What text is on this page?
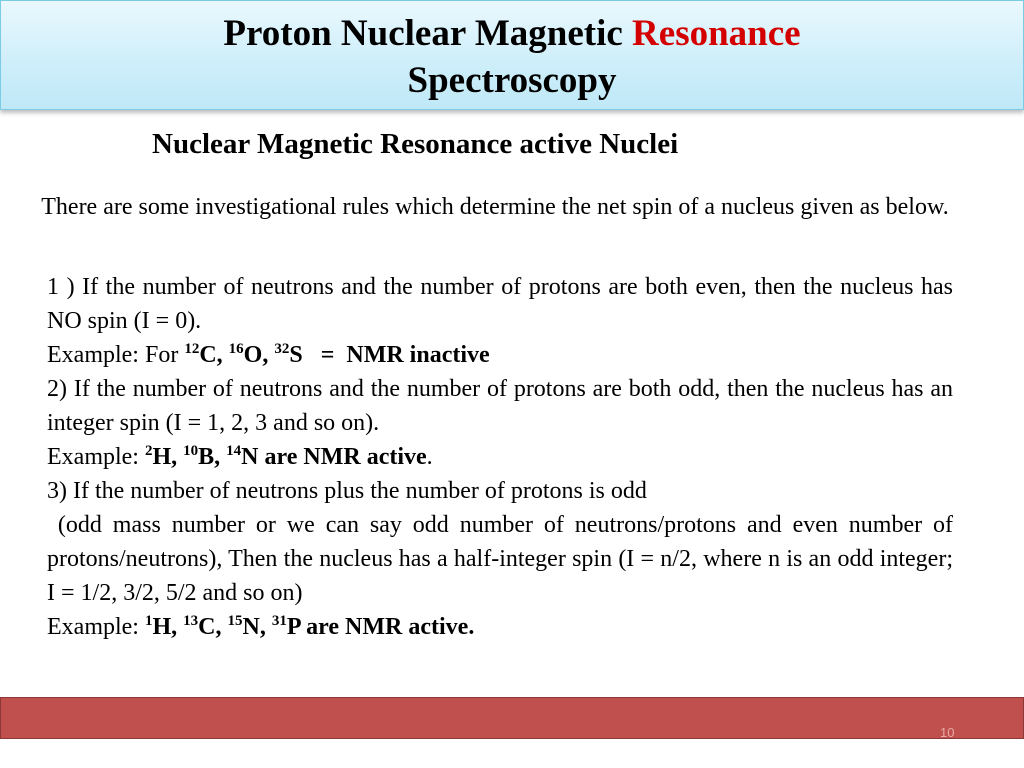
Proton Nuclear Magnetic Resonance
Spectroscopy
Nuclear Magnetic Resonance active Nuclei
There are some investigational rules which determine the net spin of a nucleus given as below.
1 ) If the number of neutrons and the number of protons are both even, then the nucleus has NO spin (I = 0).
Example: For $^{12}$C, $^{16}$O, $^{32}$S   =  NMR inactive
2) If the number of neutrons and the number of protons are both odd, then the nucleus has an integer spin (I = 1, 2, 3 and so on).
Example: $^2$H, $^{10}$B, $^{14}$N are NMR active.
3) If the number of neutrons plus the number of protons is odd
(odd mass number or we can say odd number of neutrons/protons and even number of protons/neutrons), Then the nucleus has a half-integer spin (I = n/2, where n is an odd integer; I = 1/2, 3/2, 5/2 and so on)
Example: $^1$H, $^{13}$C, $^{15}$N, $^{31}$P are NMR active.
10
